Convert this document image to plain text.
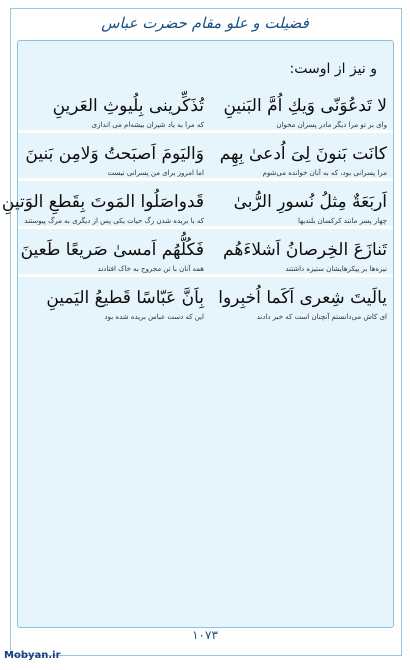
فضیلت و علو مقام حضرت عباس
و نیز از اوست:
لا تَدعُوَنّی وَیكِ اُمَّ البَنینِ
وای بر تو مرا دیگر مادر پسران مخوان
تُذَكِّرینی بِلُیوثِ العَرینِ
كه مرا به یاد شیران بیشه‌ام می اندازی
كانَت بَنونَ لِیَ اُدعیٰ بِهِم
مرا پسرانی بود، كه به آنان خوانده می‌شوم
وَالیَومَ اَصبَحتُ وَلامِن بَنینَ
اما امروز برای من پسرانی نیست
اَربَعَةٌ مِثلُ نُسورِ الرُّبیٰ
چهار پسر مانند كركسان بلندیها
قَدواصَلُوا المَوتَ بِقَطعِ الوَتینِ
كه با بریده شدن رگ حیات یكی پس از دیگری به مرگ پیوستند
تَنازَعَ الخِرصانُ اَشلاءَهُم
نیزه‌ها بر پیكرهایشان ستیزه داشتند
فَكُلُّهُم اَمسیٰ صَریعًا طَعینَ
همه آنان با تن مجروح به خاک افتادند
یالَیتَ شِعری اَكَما اُخبِروا
ای كاش می‌دانستم آنچنان است كه خبر دادند
بِاَنَّ عَبّاسًا قَطیعُ الیَمینِ
این كه دست عباس بریده شده بود
۱۰۷۳
Mobyan.ir
